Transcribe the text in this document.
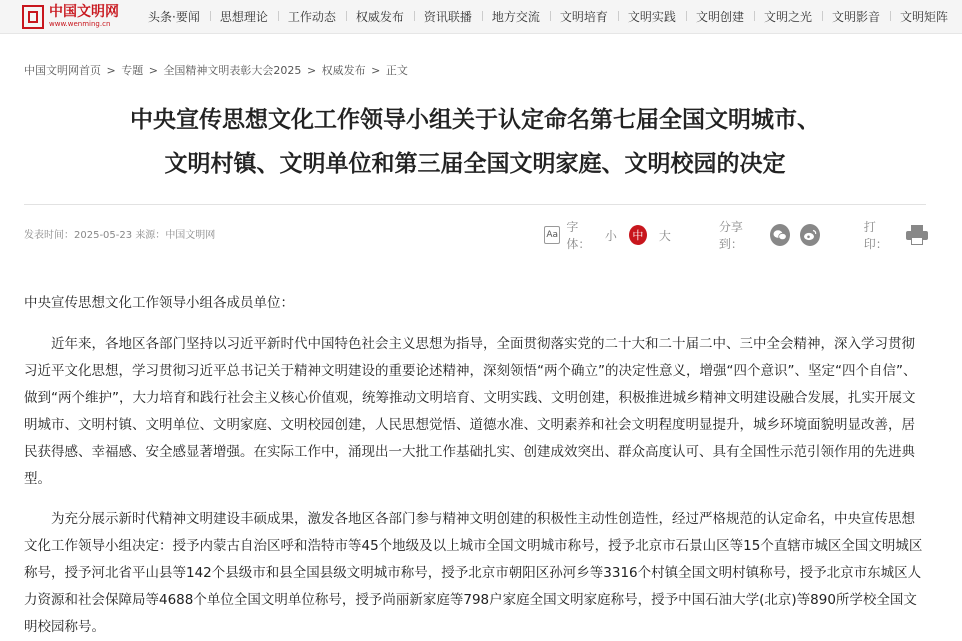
中国文明网
www.wenming.cn	头条·要闻	思想理论	工作动态	权威发布	资讯联播	地方交流	文明培育	文明实践	文明创建	文明之光	文明影音	文明矩阵
中国文明网首页 > 专题 > 全国精神文明表彰大会2025 > 权威发布 > 正文
中央宣传思想文化工作领导小组关于认定命名第七届全国文明城市、
文明村镇、文明单位和第三届全国文明家庭、文明校园的决定
发表时间：2025-05-23 来源：中国文明网	Aa
字体：
小	中 大
分享到：
打印：

中央宣传思想文化工作领导小组各成员单位：

近年来，各地区各部门坚持以习近平新时代中国特色社会主义思想为指导，全面贯彻落实党的二十大和二十届二中、三中全会精神，深入学习贯彻习近平文化思想，学习贯彻习近平总书记关于精神文明建设的重要论述精神，深刻领悟“两个确立”的决定性意义，增强“四个意识”、坚定“四个自信”、做到“两个维护”，大力培育和践行社会主义核心价值观，统筹推动文明培育、文明实践、文明创建，积极推进城乡精神文明建设融合发展，扎实开展文明城市、文明村镇、文明单位、文明家庭、文明校园创建，人民思想觉悟、道德水准、文明素养和社会文明程度明显提升，城乡环境面貌明显改善，居民获得感、幸福感、安全感显著增强。在实际工作中，涌现出一大批工作基础扎实、创建成效突出、群众高度认可、具有全国性示范引领作用的先进典型。

为充分展示新时代精神文明建设丰硕成果，激发各地区各部门参与精神文明创建的积极性主动性创造性，经过严格规范的认定命名，中央宣传思想文化工作领导小组决定：授予内蒙古自治区呼和浩特市等45个地级及以上城市全国文明城市称号，授予北京市石景山区等15个直辖市城区全国文明城区称号，授予河北省平山县等142个县级市和县全国县级文明城市称号，授予北京市朝阳区孙河乡等3316个村镇全国文明村镇称号，授予北京市东城区人力资源和社会保障局等4688个单位全国文明单位称号，授予尚丽新家庭等798户家庭全国文明家庭称号，授予中国石油大学(北京)等890所学校全国文明校园称号。
